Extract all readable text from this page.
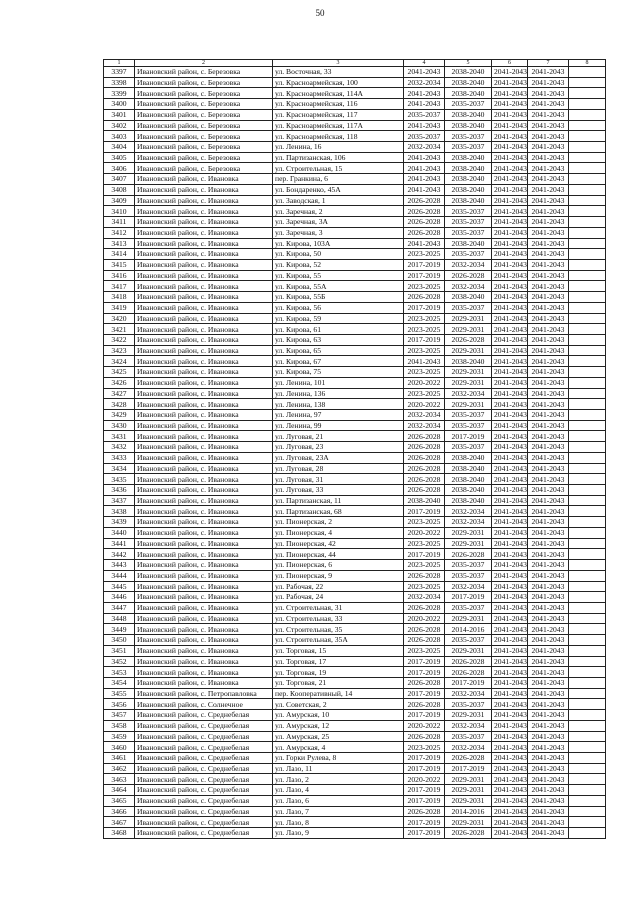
50
1	2	3	4	5	6	7	8
3397	Ивановский район, с. Березовка	ул. Восточная, 33	2041-2043	2038-2040	2041-2043	2041-2043	
3398	Ивановский район, с. Березовка	ул. Красноармейская, 100	2032-2034	2038-2040	2041-2043	2041-2043	
3399	Ивановский район, с. Березовка	ул. Красноармейская, 114А	2041-2043	2038-2040	2041-2043	2041-2043	
3400	Ивановский район, с. Березовка	ул. Красноармейская, 116	2041-2043	2035-2037	2041-2043	2041-2043	
3401	Ивановский район, с. Березовка	ул. Красноармейская, 117	2035-2037	2038-2040	2041-2043	2041-2043	
3402	Ивановский район, с. Березовка	ул. Красноармейская, 117А	2041-2043	2038-2040	2041-2043	2041-2043	
3403	Ивановский район, с. Березовка	ул. Красноармейская, 118	2035-2037	2035-2037	2041-2043	2041-2043	
3404	Ивановский район, с. Березовка	ул. Ленина, 16	2032-2034	2035-2037	2041-2043	2041-2043	
3405	Ивановский район, с. Березовка	ул. Партизанская, 106	2041-2043	2038-2040	2041-2043	2041-2043	
3406	Ивановский район, с. Березовка	ул. Строительная, 15	2041-2043	2038-2040	2041-2043	2041-2043	
3407	Ивановский район, с. Ивановка	пер. Гранкина, 6	2041-2043	2038-2040	2041-2043	2041-2043	
3408	Ивановский район, с. Ивановка	ул. Бондаренко, 45А	2041-2043	2038-2040	2041-2043	2041-2043	
3409	Ивановский район, с. Ивановка	ул. Заводская, 1	2026-2028	2038-2040	2041-2043	2041-2043	
3410	Ивановский район, с. Ивановка	ул. Заречная, 2	2026-2028	2035-2037	2041-2043	2041-2043	
3411	Ивановский район, с. Ивановка	ул. Заречная, 3А	2026-2028	2035-2037	2041-2043	2041-2043	
3412	Ивановский район, с. Ивановка	ул. Заречная, 3	2026-2028	2035-2037	2041-2043	2041-2043	
3413	Ивановский район, с. Ивановка	ул. Кирова, 103А	2041-2043	2038-2040	2041-2043	2041-2043	
3414	Ивановский район, с. Ивановка	ул. Кирова, 50	2023-2025	2035-2037	2041-2043	2041-2043	
3415	Ивановский район, с. Ивановка	ул. Кирова, 52	2017-2019	2032-2034	2041-2043	2041-2043	
3416	Ивановский район, с. Ивановка	ул. Кирова, 55	2017-2019	2026-2028	2041-2043	2041-2043	
3417	Ивановский район, с. Ивановка	ул. Кирова, 55А	2023-2025	2032-2034	2041-2043	2041-2043	
3418	Ивановский район, с. Ивановка	ул. Кирова, 55Б	2026-2028	2038-2040	2041-2043	2041-2043	
3419	Ивановский район, с. Ивановка	ул. Кирова, 56	2017-2019	2035-2037	2041-2043	2041-2043	
3420	Ивановский район, с. Ивановка	ул. Кирова, 59	2023-2025	2029-2031	2041-2043	2041-2043	
3421	Ивановский район, с. Ивановка	ул. Кирова, 61	2023-2025	2029-2031	2041-2043	2041-2043	
3422	Ивановский район, с. Ивановка	ул. Кирова, 63	2017-2019	2026-2028	2041-2043	2041-2043	
3423	Ивановский район, с. Ивановка	ул. Кирова, 65	2023-2025	2029-2031	2041-2043	2041-2043	
3424	Ивановский район, с. Ивановка	ул. Кирова, 67	2041-2043	2038-2040	2041-2043	2041-2043	
3425	Ивановский район, с. Ивановка	ул. Кирова, 75	2023-2025	2029-2031	2041-2043	2041-2043	
3426	Ивановский район, с. Ивановка	ул. Ленина, 101	2020-2022	2029-2031	2041-2043	2041-2043	
3427	Ивановский район, с. Ивановка	ул. Ленина, 136	2023-2025	2032-2034	2041-2043	2041-2043	
3428	Ивановский район, с. Ивановка	ул. Ленина, 138	2020-2022	2029-2031	2041-2043	2041-2043	
3429	Ивановский район, с. Ивановка	ул. Ленина, 97	2032-2034	2035-2037	2041-2043	2041-2043	
3430	Ивановский район, с. Ивановка	ул. Ленина, 99	2032-2034	2035-2037	2041-2043	2041-2043	
3431	Ивановский район, с. Ивановка	ул. Луговая, 21	2026-2028	2017-2019	2041-2043	2041-2043	
3432	Ивановский район, с. Ивановка	ул. Луговая, 23	2026-2028	2035-2037	2041-2043	2041-2043	
3433	Ивановский район, с. Ивановка	ул. Луговая, 23А	2026-2028	2038-2040	2041-2043	2041-2043	
3434	Ивановский район, с. Ивановка	ул. Луговая, 28	2026-2028	2038-2040	2041-2043	2041-2043	
3435	Ивановский район, с. Ивановка	ул. Луговая, 31	2026-2028	2038-2040	2041-2043	2041-2043	
3436	Ивановский район, с. Ивановка	ул. Луговая, 33	2026-2028	2038-2040	2041-2043	2041-2043	
3437	Ивановский район, с. Ивановка	ул. Партизанская, 11	2038-2040	2038-2040	2041-2043	2041-2043	
3438	Ивановский район, с. Ивановка	ул. Партизанская, 68	2017-2019	2032-2034	2041-2043	2041-2043	
3439	Ивановский район, с. Ивановка	ул. Пионерская, 2	2023-2025	2032-2034	2041-2043	2041-2043	
3440	Ивановский район, с. Ивановка	ул. Пионерская, 4	2020-2022	2029-2031	2041-2043	2041-2043	
3441	Ивановский район, с. Ивановка	ул. Пионерская, 42	2023-2025	2029-2031	2041-2043	2041-2043	
3442	Ивановский район, с. Ивановка	ул. Пионерская, 44	2017-2019	2026-2028	2041-2043	2041-2043	
3443	Ивановский район, с. Ивановка	ул. Пионерская, 6	2023-2025	2035-2037	2041-2043	2041-2043	
3444	Ивановский район, с. Ивановка	ул. Пионерская, 9	2026-2028	2035-2037	2041-2043	2041-2043	
3445	Ивановский район, с. Ивановка	ул. Рабочая, 22	2023-2025	2032-2034	2041-2043	2041-2043	
3446	Ивановский район, с. Ивановка	ул. Рабочая, 24	2032-2034	2017-2019	2041-2043	2041-2043	
3447	Ивановский район, с. Ивановка	ул. Строительная, 31	2026-2028	2035-2037	2041-2043	2041-2043	
3448	Ивановский район, с. Ивановка	ул. Строительная, 33	2020-2022	2029-2031	2041-2043	2041-2043	
3449	Ивановский район, с. Ивановка	ул. Строительная, 35	2026-2028	2014-2016	2041-2043	2041-2043	
3450	Ивановский район, с. Ивановка	ул. Строительная, 35А	2026-2028	2035-2037	2041-2043	2041-2043	
3451	Ивановский район, с. Ивановка	ул. Торговая, 15	2023-2025	2029-2031	2041-2043	2041-2043	
3452	Ивановский район, с. Ивановка	ул. Торговая, 17	2017-2019	2026-2028	2041-2043	2041-2043	
3453	Ивановский район, с. Ивановка	ул. Торговая, 19	2017-2019	2026-2028	2041-2043	2041-2043	
3454	Ивановский район, с. Ивановка	ул. Торговая, 21	2026-2028	2017-2019	2041-2043	2041-2043	
3455	Ивановский район, с. Петропавловка	пер. Кооперативный, 14	2017-2019	2032-2034	2041-2043	2041-2043	
3456	Ивановский район, с. Солнечное	ул. Советская, 2	2026-2028	2035-2037	2041-2043	2041-2043	
3457	Ивановский район, с. Среднебелая	ул. Амурская, 10	2017-2019	2029-2031	2041-2043	2041-2043	
3458	Ивановский район, с. Среднебелая	ул. Амурская, 12	2020-2022	2032-2034	2041-2043	2041-2043	
3459	Ивановский район, с. Среднебелая	ул. Амурская, 25	2026-2028	2035-2037	2041-2043	2041-2043	
3460	Ивановский район, с. Среднебелая	ул. Амурская, 4	2023-2025	2032-2034	2041-2043	2041-2043	
3461	Ивановский район, с. Среднебелая	ул. Горки Рулева, 8	2017-2019	2026-2028	2041-2043	2041-2043	
3462	Ивановский район, с. Среднебелая	ул. Лазо, 11	2017-2019	2017-2019	2041-2043	2041-2043	
3463	Ивановский район, с. Среднебелая	ул. Лазо, 2	2020-2022	2029-2031	2041-2043	2041-2043	
3464	Ивановский район, с. Среднебелая	ул. Лазо, 4	2017-2019	2029-2031	2041-2043	2041-2043	
3465	Ивановский район, с. Среднебелая	ул. Лазо, 6	2017-2019	2029-2031	2041-2043	2041-2043	
3466	Ивановский район, с. Среднебелая	ул. Лазо, 7	2026-2028	2014-2016	2041-2043	2041-2043	
3467	Ивановский район, с. Среднебелая	ул. Лазо, 8	2017-2019	2029-2031	2041-2043	2041-2043	
3468	Ивановский район, с. Среднебелая	ул. Лазо, 9	2017-2019	2026-2028	2041-2043	2041-2043	
